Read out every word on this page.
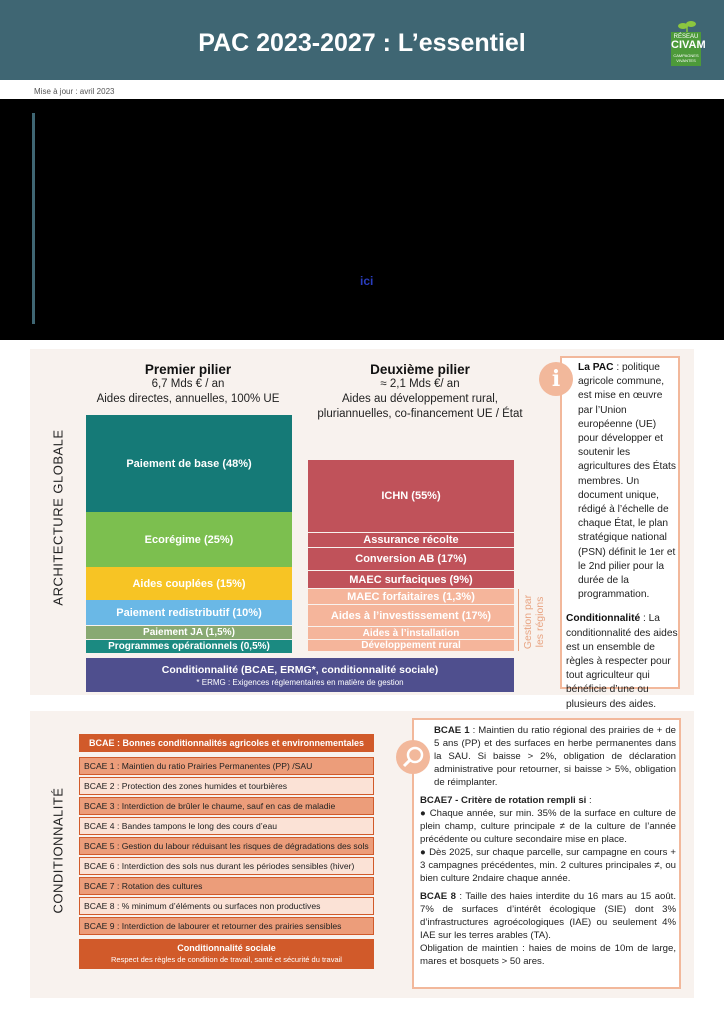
PAC 2023-2027 : L’essentiel	RÉSEAU
CIVAM
CAMPAGNES VIVANTES
Mise à jour : avril 2023
ici
ARCHITECTURE GLOBALE
Premier pilier
6,7 Mds € / an
Aides directes, annuelles, 100% UE
Deuxième pilier
≈ 2,1 Mds €/ an
Aides au développement rural,
pluriannuelles, co-financement UE / État
Paiement de base (48%)
Ecorégime (25%)
Aides couplées (15%)
Paiement redistributif (10%)
Paiement JA (1,5%)
Programmes opérationnels (0,5%)
ICHN (55%)
Assurance récolte
Conversion AB (17%)
MAEC surfaciques (9%)
MAEC forfaitaires (1,3%)
Aides à l’investissement (17%)
Aides à l’installation
Développement rural	Gestion par les régions
Conditionnalité (BCAE, ERMG*, conditionnalité sociale)
* ERMG : Exigences réglementaires en matière de gestion
i	La PAC : politique agricole commune, est mise en œuvre par l’Union européenne (UE) pour développer et soutenir les agricultures des États membres. Un document unique, rédigé à l’échelle de chaque État, le plan stratégique national (PSN) définit le 1er et le 2nd pilier pour la durée de la programmation.

Conditionnalité : La conditionnalité des aides est un ensemble de règles à respecter pour tout agriculteur qui bénéficie d’une ou plusieurs des aides.

CONDITIONNALITÉ
BCAE : Bonnes conditionnalités agricoles et environnementales
BCAE 1 : Maintien du ratio Prairies Permanentes (PP) /SAU
BCAE 2 : Protection des zones humides et tourbières
BCAE 3 : Interdiction de brûler le chaume, sauf en cas de maladie
BCAE 4 : Bandes tampons le long des cours d’eau
BCAE 5 : Gestion du labour réduisant les risques de dégradations des sols
BCAE 6 : Interdiction des sols nus durant les périodes sensibles (hiver)
BCAE 7 : Rotation des cultures
BCAE 8 : % minimum d’éléments ou surfaces non productives
BCAE 9 : Interdiction de labourer et retourner des prairies sensibles
Conditionnalité sociale
Respect des règles de condition de travail, santé et sécurité du travail

BCAE 1 : Maintien du ratio régional des prairies de + de 5 ans (PP) et des surfaces en herbe permanentes dans la SAU. Si baisse > 2%, obligation de déclaration administrative pour retourner, si baisse > 5%, obligation de réimplanter.

BCAE7 - Critère de rotation rempli si :

● Chaque année, sur min. 35% de la surface en culture de plein champ, culture principale ≠ de la culture de l’année précédente ou culture secondaire mise en place.
● Dès 2025, sur chaque parcelle, sur campagne en cours + 3 campagnes précédentes, min. 2 cultures principales ≠, ou bien culture 2ndaire chaque année.

BCAE 8 : Taille des haies interdite du 16 mars au 15 août. 7% de surfaces d’intérêt écologique (SIE) dont 3% d’infrastructures agroécologiques (IAE) ou seulement 4% IAE sur les terres arables (TA).

Obligation de maintien : haies de moins de 10m de large, mares et bosquets > 50 ares.
